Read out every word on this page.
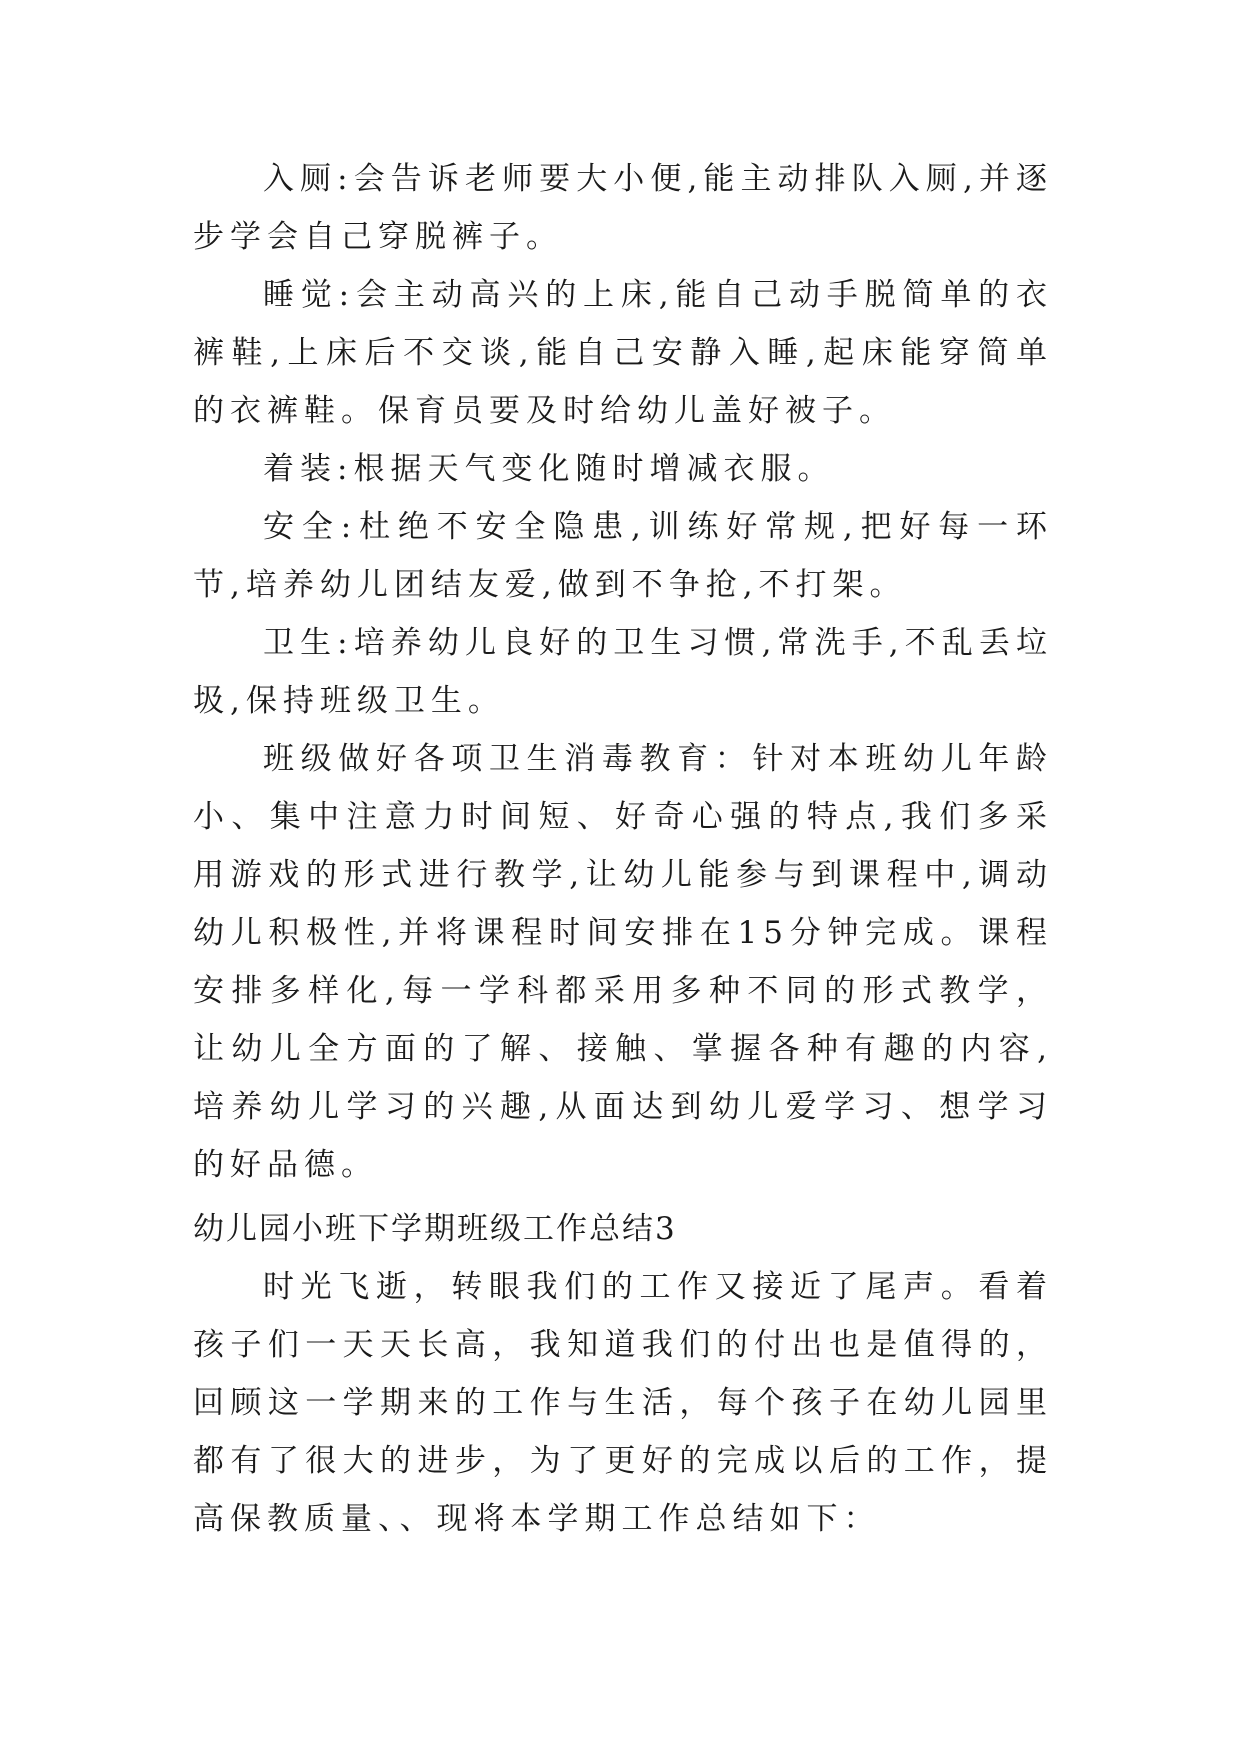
入厕:会告诉老师要大小便,能主动排队入厕,并逐步学会自己穿脱裤子。

睡觉:会主动高兴的上床,能自己动手脱简单的衣裤鞋,上床后不交谈,能自己安静入睡,起床能穿简单的衣裤鞋。保育员要及时给幼儿盖好被子。

着装:根据天气变化随时增减衣服。

安全:杜绝不安全隐患,训练好常规,把好每一环节,培养幼儿团结友爱,做到不争抢,不打架。

卫生:培养幼儿良好的卫生习惯,常洗手,不乱丢垃圾,保持班级卫生。

班级做好各项卫生消毒教育：针对本班幼儿年龄小、集中注意力时间短、好奇心强的特点,我们多采用游戏的形式进行教学,让幼儿能参与到课程中,调动幼儿积极性,并将课程时间安排在15分钟完成。课程安排多样化,每一学科都采用多种不同的形式教学，让幼儿全方面的了解、接触、掌握各种有趣的内容,培养幼儿学习的兴趣,从面达到幼儿爱学习、想学习的好品德。

幼儿园小班下学期班级工作总结3

时光飞逝，转眼我们的工作又接近了尾声。看着孩子们一天天长高，我知道我们的付出也是值得的，回顾这一学期来的工作与生活，每个孩子在幼儿园里都有了很大的进步，为了更好的完成以后的工作，提高保教质量、、现将本学期工作总结如下：
